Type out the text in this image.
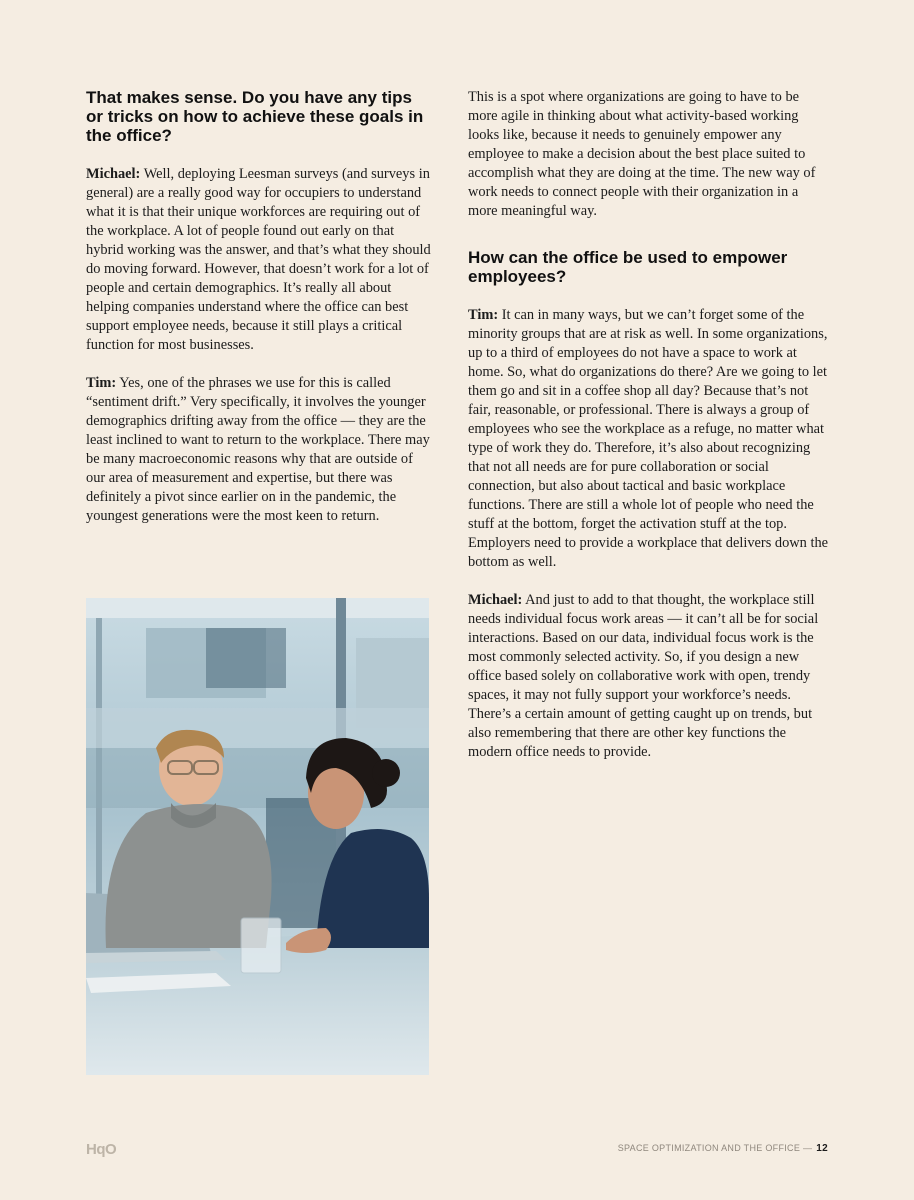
That makes sense. Do you have any tips or tricks on how to achieve these goals in the office?

Michael: Well, deploying Leesman surveys (and surveys in general) are a really good way for occupiers to understand what it is that their unique workforces are requiring out of the workplace. A lot of people found out early on that hybrid working was the answer, and that’s what they should do moving forward. However, that doesn’t work for a lot of people and certain demographics. It’s really all about helping companies understand where the office can best support employee needs, because it still plays a critical function for most businesses.

Tim: Yes, one of the phrases we use for this is called “sentiment drift.” Very specifically, it involves the younger demographics drifting away from the office — they are the least inclined to want to return to the workplace. There may be many macroeconomic reasons why that are outside of our area of measurement and expertise, but there was definitely a pivot since earlier on in the pandemic, the youngest generations were the most keen to return.

This is a spot where organizations are going to have to be more agile in thinking about what activity-based working looks like, because it needs to genuinely empower any employee to make a decision about the best place suited to accomplish what they are doing at the time. The new way of work needs to connect people with their organization in a more meaningful way.

How can the office be used to empower employees?

Tim: It can in many ways, but we can’t forget some of the minority groups that are at risk as well. In some organizations, up to a third of employees do not have a space to work at home. So, what do organizations do there? Are we going to let them go and sit in a coffee shop all day? Because that’s not fair, reasonable, or professional. There is always a group of employees who see the workplace as a refuge, no matter what type of work they do. Therefore, it’s also about recognizing that not all needs are for pure collaboration or social connection, but also about tactical and basic workplace functions. There are still a whole lot of people who need the stuff at the bottom, forget the activation stuff at the top. Employers need to provide a workplace that delivers down the bottom as well.

Michael: And just to add to that thought, the workplace still needs individual focus work areas — it can’t all be for social interactions. Based on our data, individual focus work is the most commonly selected activity. So, if you design a new office based solely on collaborative work with open, trendy spaces, it may not fully support your workforce’s needs. There’s a certain amount of getting caught up on trends, but also remembering that there are other key functions the modern office needs to provide.

HqO	SPACE OPTIMIZATION AND THE OFFICE — 12
